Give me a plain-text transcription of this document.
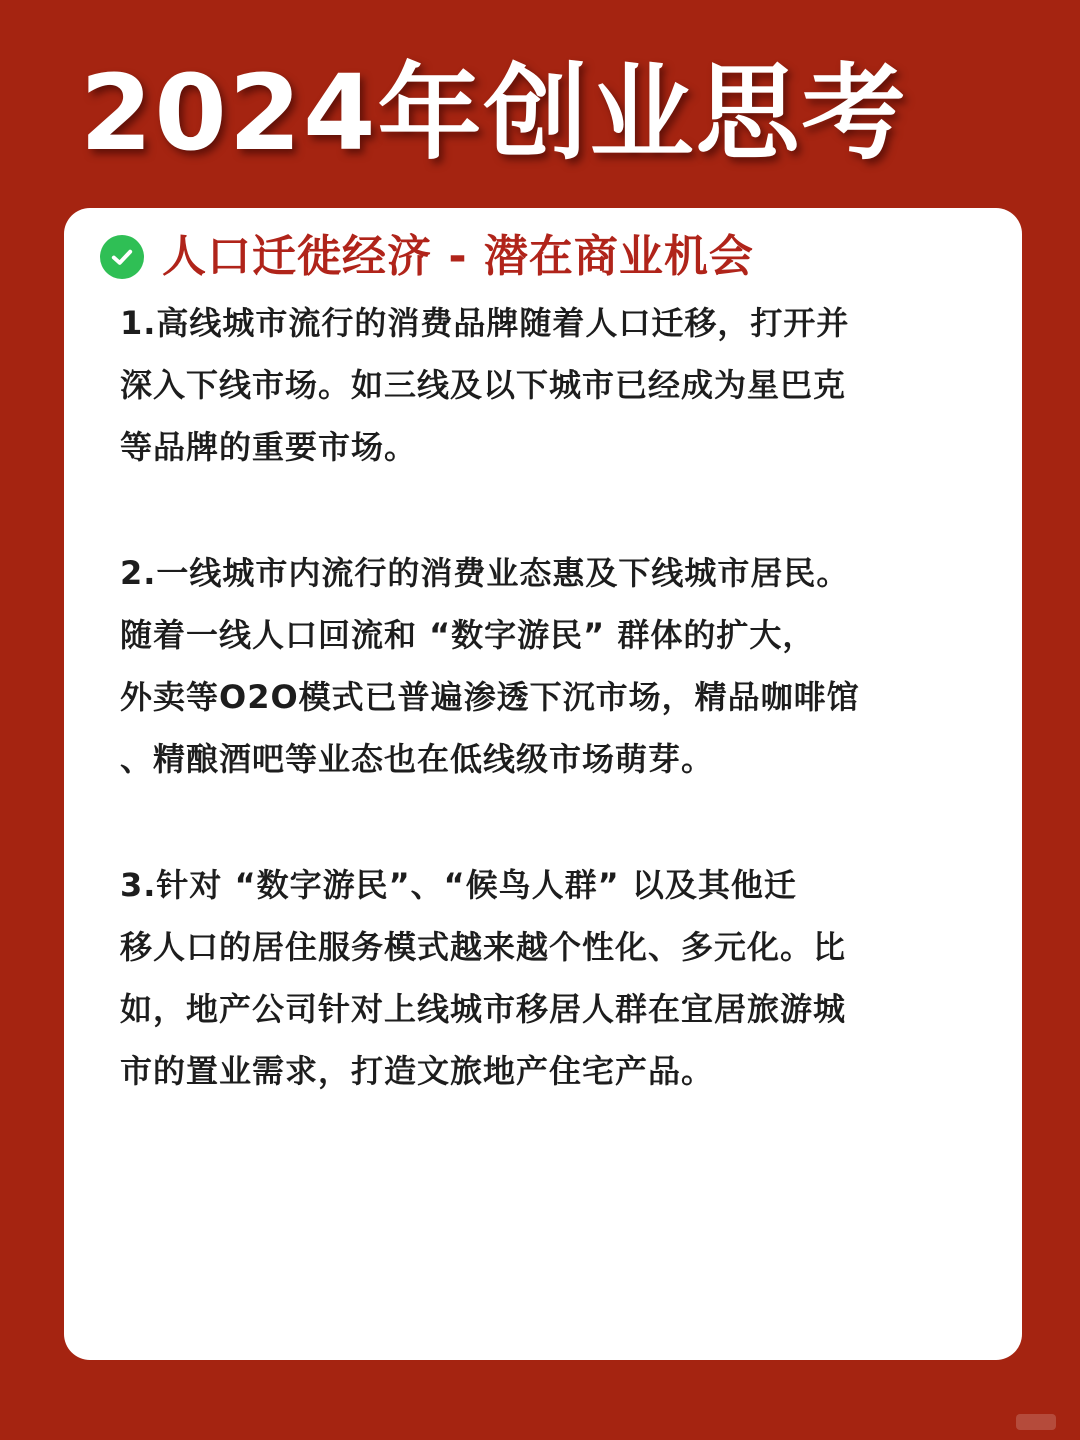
2024年创业思考
人口迁徙经济 - 潜在商业机会

1.高线城市流行的消费品牌随着人口迁移，打开并
深入下线市场。如三线及以下城市已经成为星巴克
等品牌的重要市场。

2.一线城市内流行的消费业态惠及下线城市居民。
随着一线人口回流和 “数字游民” 群体的扩大，
外卖等O2O模式已普遍渗透下沉市场，精品咖啡馆
、精酿酒吧等业态也在低线级市场萌芽。

3.针对 “数字游民”、“候鸟人群” 以及其他迁
移人口的居住服务模式越来越个性化、多元化。比
如，地产公司针对上线城市移居人群在宜居旅游城
市的置业需求，打造文旅地产住宅产品。
